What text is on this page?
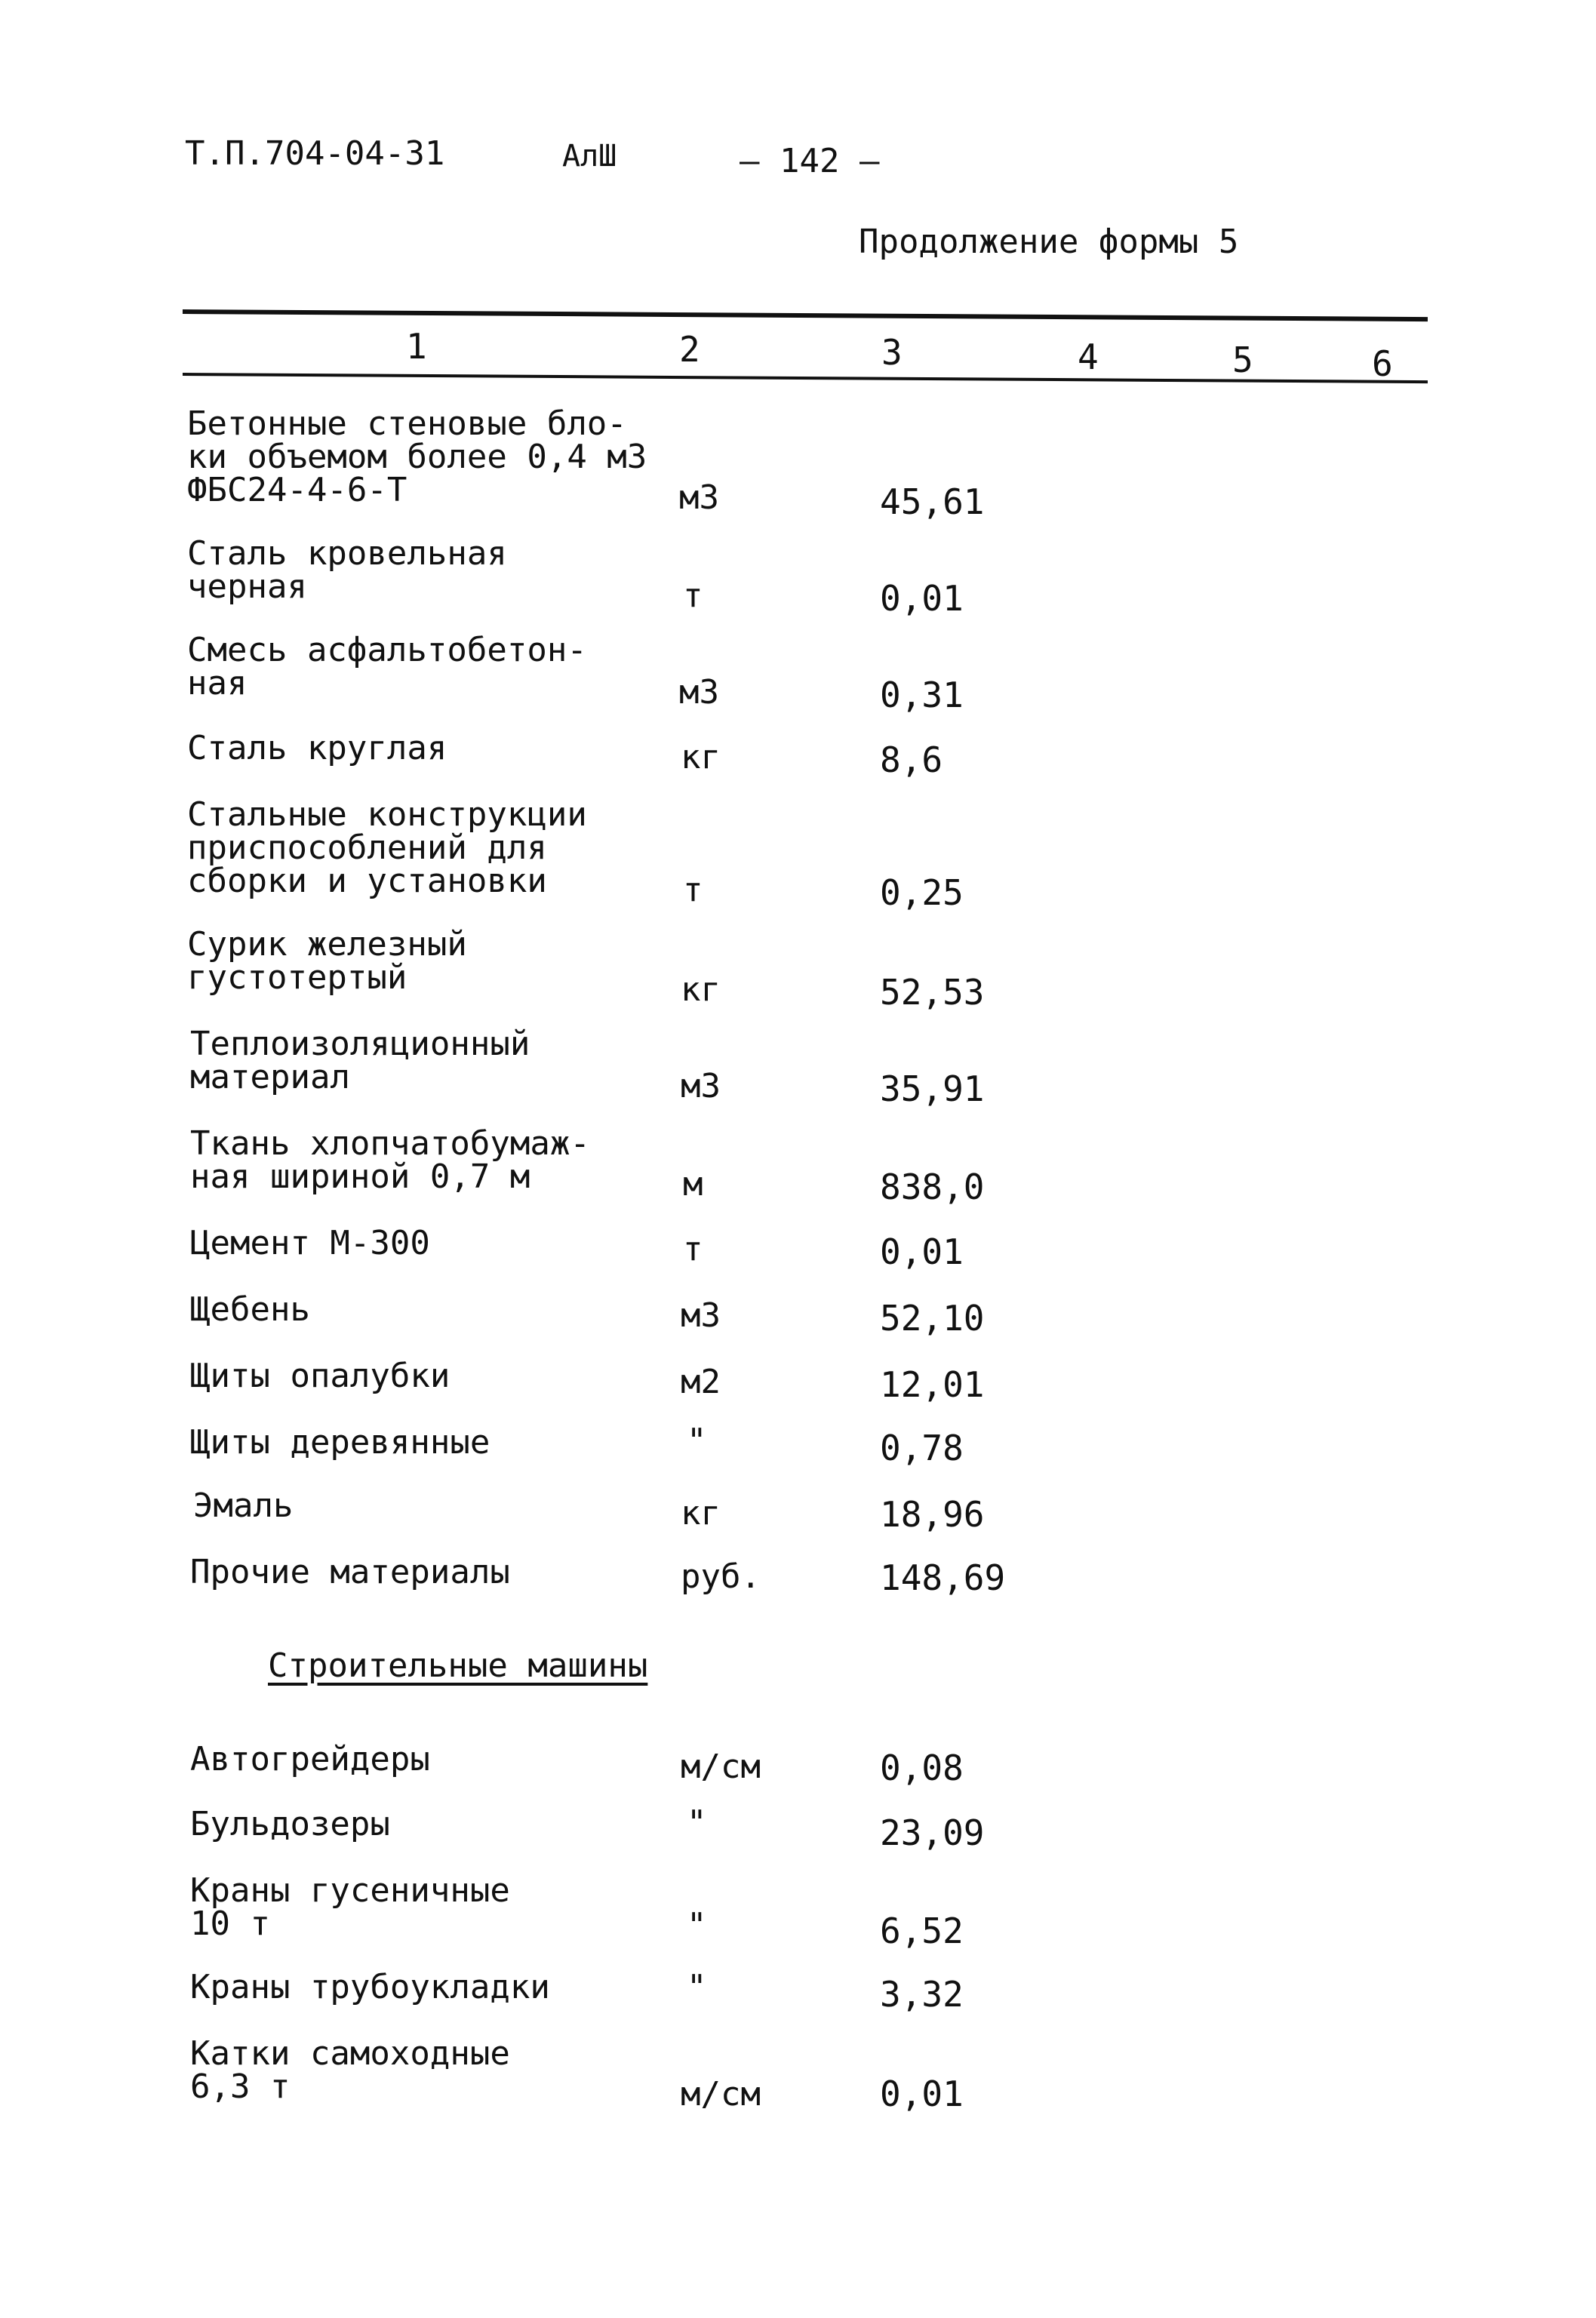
Т.П.704-04-31	АлШ	— 142 —
Продолжение формы 5
1	2	3	4	5	6
Бетонные стеновые бло-
ки объемом более 0,4 м3
ФБС24-4-6-Т	м3	45,61
Сталь кровельная
черная	т	0,01
Смесь асфальтобетон-
ная	м3	0,31
Сталь круглая	кг	8,6
Стальные конструкции
приспособлений для
сборки и установки	т	0,25
Сурик железный
густотертый	кг	52,53
Теплоизоляционный
материал	м3	35,91
Ткань хлопчатобумаж-
ная шириной 0,7 м	м	838,0
Цемент М-300	т	0,01
Щебень	м3	52,10
Щиты опалубки	м2	12,01
Щиты деревянные	"	0,78
Эмаль	кг	18,96
Прочие материалы	руб.	148,69
Строительные машины
Автогрейдеры	м/см	0,08
Бульдозеры	"	23,09
Краны гусеничные
10 т	"	6,52
Краны трубоукладки	"	3,32
Катки самоходные
6,3 т	м/см	0,01
